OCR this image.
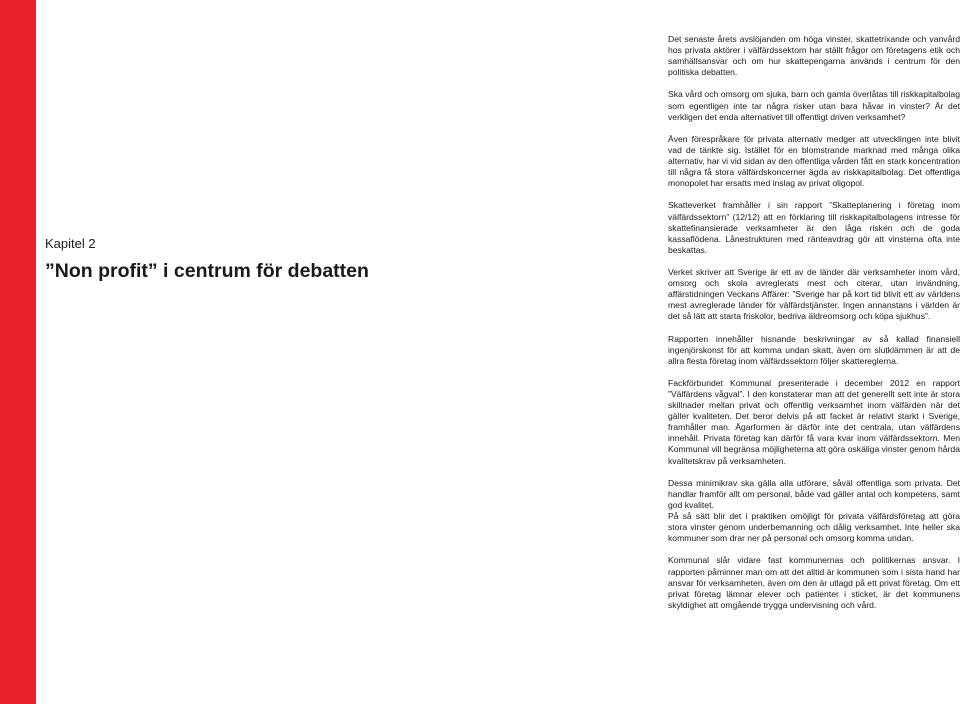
Kapitel 2

”Non profit” i centrum för debatten

Det senaste årets avslöjanden om höga vinster, skattetrixande och vanvård hos privata aktörer i välfärdssektorn har ställt frågor om företagens etik och samhällsansvar och om hur skattepengarna används i centrum för den politiska debatten.

Ska vård och omsorg om sjuka, barn och gamla överlåtas till riskkapitalbolag som egentligen inte tar några risker utan bara håvar in vinster? Är det verkligen det enda alternativet till offentligt driven verksamhet?

Även förespråkare för privata alternativ medger att utvecklingen inte blivit vad de tänkte sig. Istället för en blomstrande marknad med många olika alternativ, har vi vid sidan av den offentliga vården fått en stark koncentration till några få stora välfärdskoncerner ägda av riskkapitalbolag. Det offentliga monopolet har ersatts med inslag av privat oligopol.

Skatteverket framhåller i sin rapport ”Skatteplanering i företag inom välfärdssektorn” (12/12) att en förklaring till riskkapitalbolagens intresse för skattefinansierade verksamheter är den låga risken och de goda kassaflödena. Lånestrukturen med ränteavdrag gör att vinsterna ofta inte beskattas.

Verket skriver att Sverige är ett av de länder där verksamheter inom vård, omsorg och skola avreglerats mest och citerar, utan invändning, affärstidningen Veckans Affärer: ”Sverige har på kort tid blivit ett av världens mest avreglerade länder för välfärdstjänster. Ingen annanstans i världen är det så lätt att starta friskolor, bedriva äldreomsorg och köpa sjukhus”.

Rapporten innehåller hisnande beskrivningar av så kallad finansiell ingenjörskonst för att komma undan skatt, även om slutklämmen är att de allra flesta företag inom välfärdssektorn följer skattereglerna.

Fackförbundet Kommunal presenterade i december 2012 en rapport ”Välfärdens vågval”. I den konstaterar man att det generellt sett inte är stora skillnader mellan privat och offentlig verksamhet inom välfärden när det gäller kvaliteten. Det beror delvis på att facket är relativt starkt i Sverige, framhåller man. Ägarformen är därför inte det centrala, utan välfärdens innehåll. Privata företag kan därför få vara kvar inom välfärdssektorn. Men Kommunal vill begränsa möjligheterna att göra oskäliga vinster genom hårda kvalitetskrav på verksamheten.

Dessa minimikrav ska gälla alla utförare, såväl offentliga som privata. Det handlar framför allt om personal, både vad gäller antal och kompetens, samt god kvalitet.
På så sätt blir det i praktiken omöjligt för privata välfärdsföretag att göra stora vinster genom underbemanning och dålig verksamhet. Inte heller ska kommuner som drar ner på personal och omsorg komma undan.

Kommunal slår vidare fast kommunernas och politikernas ansvar. I rapporten påminner man om att det alltid är kommunen som i sista hand har ansvar för verksamheten, även om den är utlagd på ett privat företag. Om ett privat företag lämnar elever och patienter i sticket, är det kommunens skyldighet att omgående trygga undervisning och vård.
